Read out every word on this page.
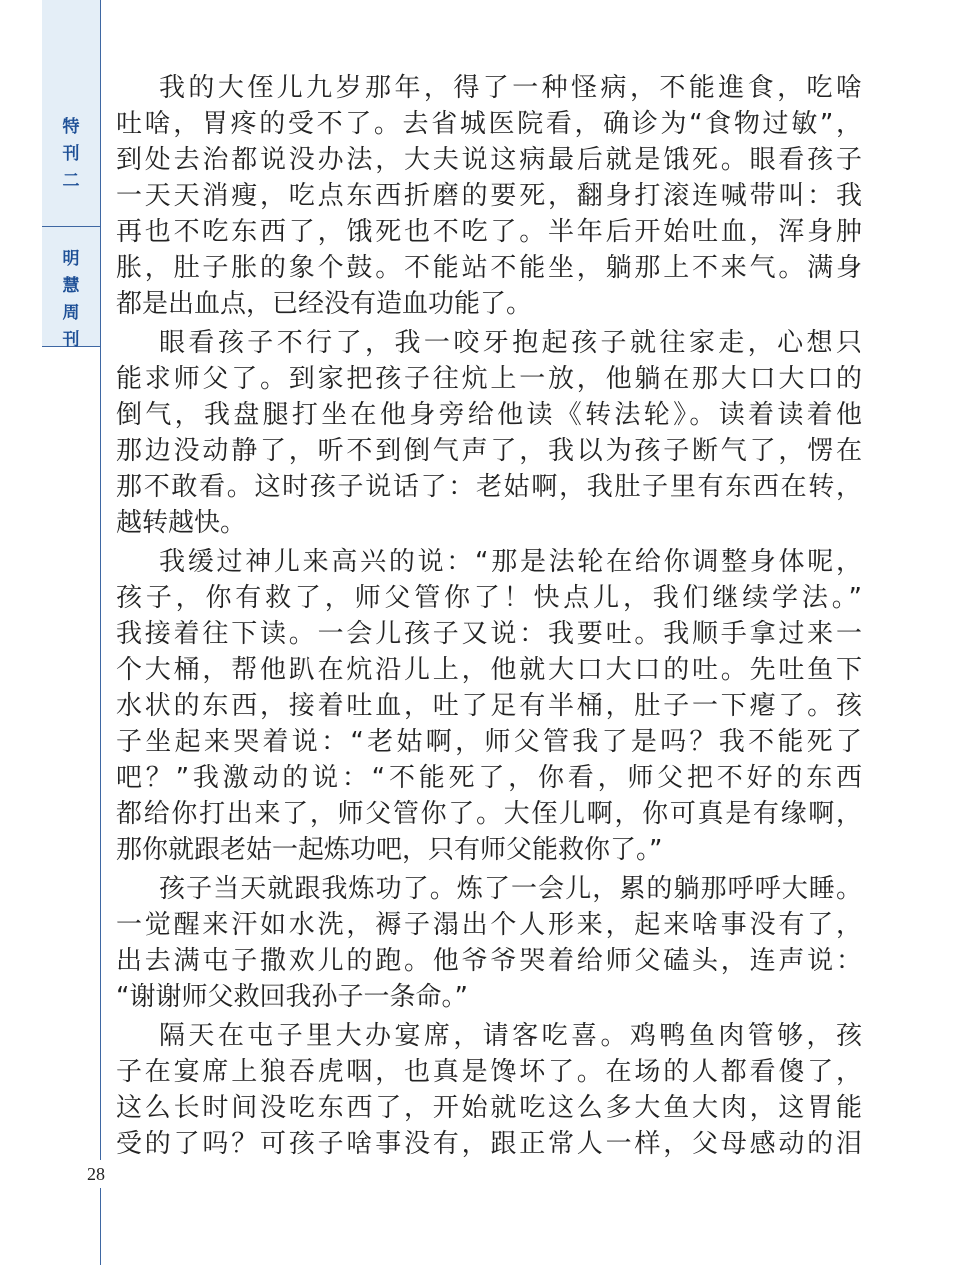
特
刊
二
明
慧
周
刊
28

我的大侄儿九岁那年，得了一种怪病，不能進食，吃啥
吐啥，胃疼的受不了。去省城医院看，确诊为“食物过敏”，
到处去治都说没办法，大夫说这病最后就是饿死。眼看孩子
一天天消瘦，吃点东西折磨的要死，翻身打滚连喊带叫：我
再也不吃东西了，饿死也不吃了。半年后开始吐血，浑身肿
胀，肚子胀的象个鼓。不能站不能坐，躺那上不来气。满身
都是出血点，已经没有造血功能了。

眼看孩子不行了，我一咬牙抱起孩子就往家走，心想只
能求师父了。到家把孩子往炕上一放，他躺在那大口大口的
倒气，我盘腿打坐在他身旁给他读《转法轮》。读着读着他
那边没动静了，听不到倒气声了，我以为孩子断气了，愣在
那不敢看。这时孩子说话了：老姑啊，我肚子里有东西在转，
越转越快。

我缓过神儿来高兴的说：“那是法轮在给你调整身体呢，
孩子，你有救了，师父管你了！快点儿，我们继续学法。”
我接着往下读。一会儿孩子又说：我要吐。我顺手拿过来一
个大桶，帮他趴在炕沿儿上，他就大口大口的吐。先吐鱼下
水状的东西，接着吐血，吐了足有半桶，肚子一下瘪了。孩
子坐起来哭着说：“老姑啊，师父管我了是吗？我不能死了
吧？”我激动的说：“不能死了，你看，师父把不好的东西
都给你打出来了，师父管你了。大侄儿啊，你可真是有缘啊，
那你就跟老姑一起炼功吧，只有师父能救你了。”

孩子当天就跟我炼功了。炼了一会儿，累的躺那呼呼大睡。
一觉醒来汗如水洗，褥子溻出个人形来，起来啥事没有了，
出去满屯子撒欢儿的跑。他爷爷哭着给师父磕头，连声说：
“谢谢师父救回我孙子一条命。”

隔天在屯子里大办宴席，请客吃喜。鸡鸭鱼肉管够，孩
子在宴席上狼吞虎咽，也真是馋坏了。在场的人都看傻了，
这么长时间没吃东西了，开始就吃这么多大鱼大肉，这胃能
受的了吗？可孩子啥事没有，跟正常人一样，父母感动的泪
